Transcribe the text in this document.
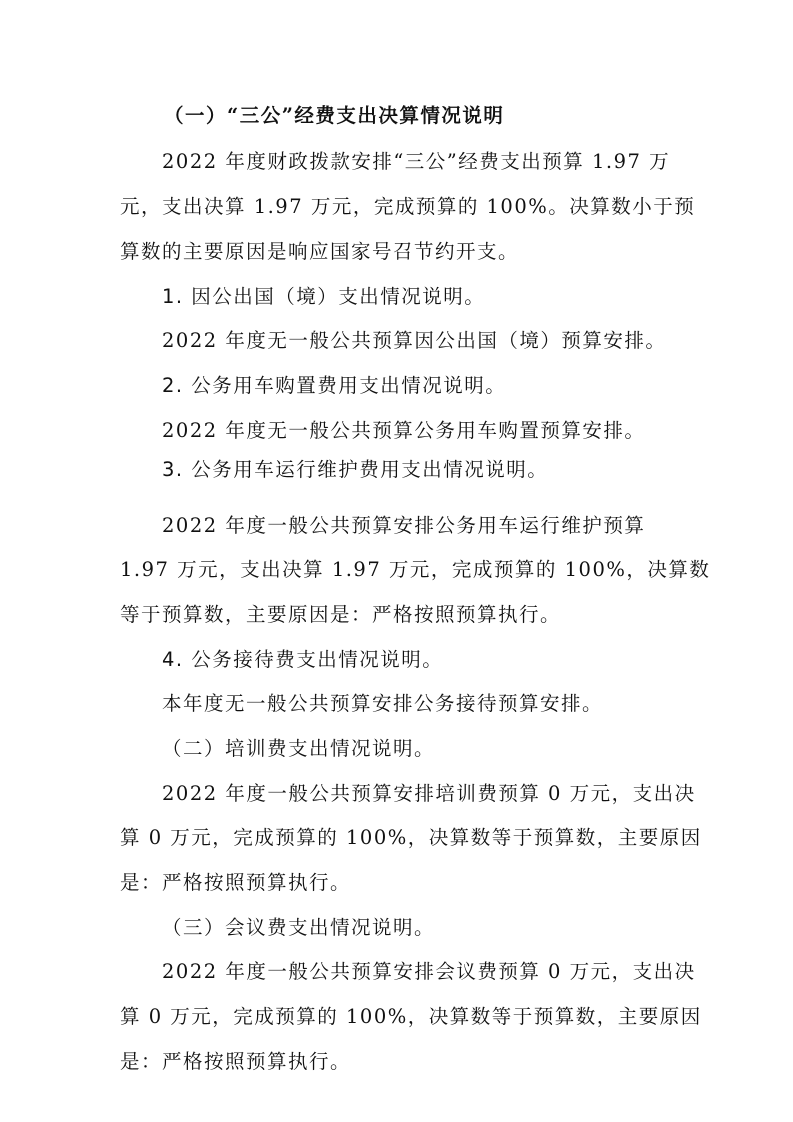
（一）“三公”经费支出决算情况说明
2022 年度财政拨款安排“三公”经费支出预算 1.97 万
元，支出决算 1.97 万元，完成预算的 100%。决算数小于预
算数的主要原因是响应国家号召节约开支。
1. 因公出国（境）支出情况说明。
2022 年度无一般公共预算因公出国（境）预算安排。
2. 公务用车购置费用支出情况说明。
2022 年度无一般公共预算公务用车购置预算安排。
3. 公务用车运行维护费用支出情况说明。
2022 年度一般公共预算安排公务用车运行维护预算
1.97 万元，支出决算 1.97 万元，完成预算的 100%，决算数
等于预算数，主要原因是：严格按照预算执行。
4. 公务接待费支出情况说明。
本年度无一般公共预算安排公务接待预算安排。
（二）培训费支出情况说明。
2022 年度一般公共预算安排培训费预算 0 万元，支出决
算 0 万元，完成预算的 100%，决算数等于预算数，主要原因
是：严格按照预算执行。
（三）会议费支出情况说明。
2022 年度一般公共预算安排会议费预算 0 万元，支出决
算 0 万元，完成预算的 100%，决算数等于预算数，主要原因
是：严格按照预算执行。
